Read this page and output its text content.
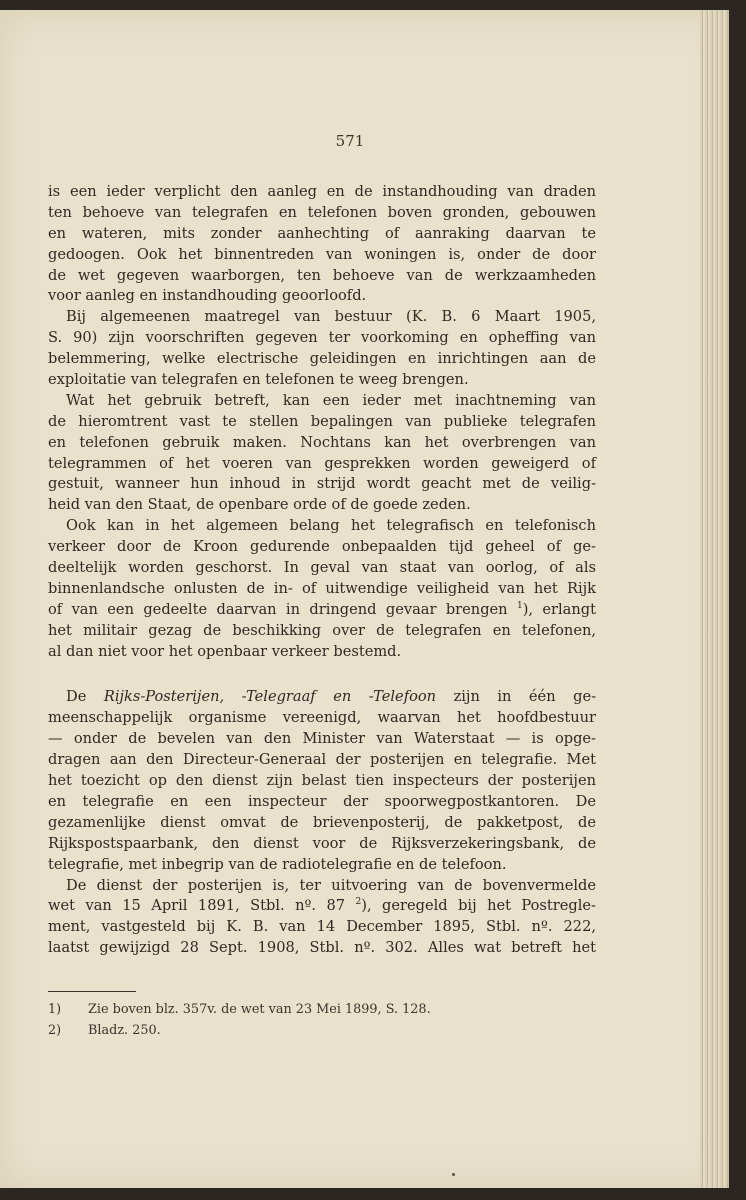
571
is een ieder verplicht den aanleg en de instandhouding van draden
ten behoeve van telegrafen en telefonen boven gronden, gebouwen
en wateren, mits zonder aanhechting of aanraking daarvan te
gedoogen. Ook het binnentreden van woningen is, onder de door
de wet gegeven waarborgen, ten behoeve van de werkzaamheden
voor aanleg en instandhouding geoorloofd.
Bij algemeenen maatregel van bestuur (K. B. 6 Maart 1905,
S. 90) zijn voorschriften gegeven ter voorkoming en opheffing van
belemmering, welke electrische geleidingen en inrichtingen aan de
exploitatie van telegrafen en telefonen te weeg brengen.
Wat het gebruik betreft, kan een ieder met inachtneming van
de hieromtrent vast te stellen bepalingen van publieke telegrafen
en telefonen gebruik maken. Nochtans kan het overbrengen van
telegrammen of het voeren van gesprekken worden geweigerd of
gestuit, wanneer hun inhoud in strijd wordt geacht met de veilig-
heid van den Staat, de openbare orde of de goede zeden.
Ook kan in het algemeen belang het telegrafisch en telefonisch
verkeer door de Kroon gedurende onbepaalden tijd geheel of ge-
deeltelijk worden geschorst. In geval van staat van oorlog, of als
binnenlandsche onlusten de in- of uitwendige veiligheid van het Rijk
of van een gedeelte daarvan in dringend gevaar brengen $^1$), erlangt
het militair gezag de beschikking over de telegrafen en telefonen,
al dan niet voor het openbaar verkeer bestemd.
De Rijks-Posterijen, -Telegraaf en -Telefoon zijn in één ge-
meenschappelijk organisme vereenigd, waarvan het hoofdbestuur
— onder de bevelen van den Minister van Waterstaat — is opge-
dragen aan den Directeur-Generaal der posterijen en telegrafie. Met
het toezicht op den dienst zijn belast tien inspecteurs der posterijen
en telegrafie en een inspecteur der spoorwegpostkantoren. De
gezamenlijke dienst omvat de brievenposterij, de pakketpost, de
Rijkspostspaarbank, den dienst voor de Rijksverzekeringsbank, de
telegrafie, met inbegrip van de radiotelegrafie en de telefoon.
De dienst der posterijen is, ter uitvoering van de bovenvermelde
wet van 15 April 1891, Stbl. nº. 87 $^2$), geregeld bij het Postregle-
ment, vastgesteld bij K. B. van 14 December 1895, Stbl. nº. 222,
laatst gewijzigd 28 Sept. 1908, Stbl. nº. 302. Alles wat betreft het
1) Zie boven blz. 357v. de wet van 23 Mei 1899, S. 128.
2) Bladz. 250.
